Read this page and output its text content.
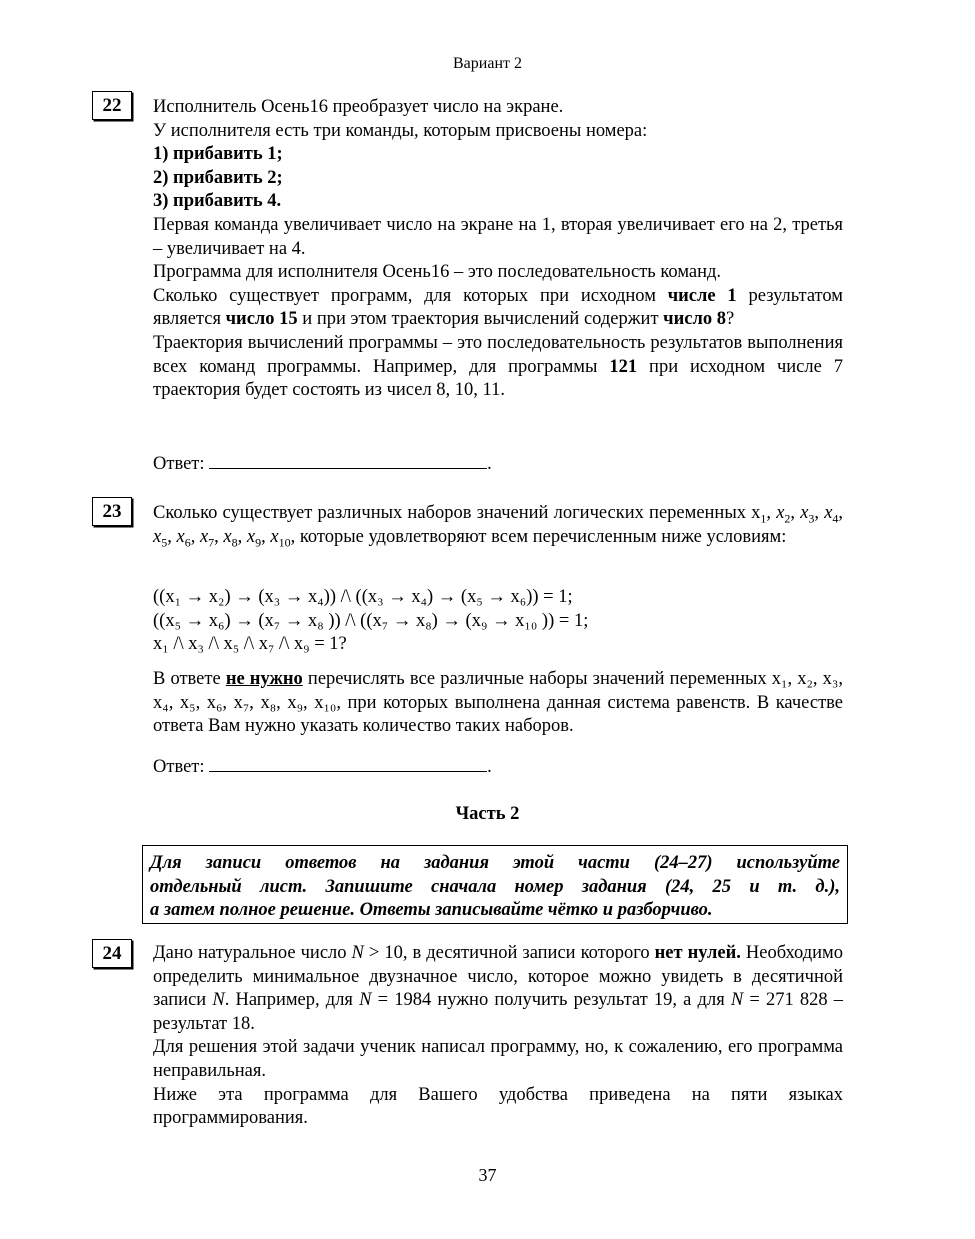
Вариант 2
22	Исполнитель Осень16 преобразует число на экране.

У исполнителя есть три команды, которым присвоены номера:

1) прибавить 1;

2) прибавить 2;

3) прибавить 4.

Первая команда увеличивает число на экране на 1, вторая увеличивает его на 2, третья – увеличивает на 4.

Программа для исполнителя Осень16 – это последовательность команд.

Сколько существует программ, для которых при исходном числе 1 результатом является число 15 и при этом траектория вычислений содержит число 8?

Траектория вычислений программы – это последовательность результатов выполнения всех команд программы. Например, для программы 121 при исходном числе 7 траектория будет состоять из чисел 8, 10, 11.

Ответ:	.
23	Сколько существует различных наборов значений логических переменных $x_1$, $x_2$, $x_3$, $x_4$, $x_5$, $x_6$, $x_7$, $x_8$, $x_9$, $x_{10}$, которые удовлетворяют всем перечисленным ниже условиям:

((x₁ → x₂) → (x₃ → x₄)) /\ ((x₃ → x₄) → (x₅ → x₆)) = 1;

((x₅ → x₆) → (x₇ → x₈ )) /\ ((x₇ → x₈) → (x₉ → x₁₀ )) = 1;

x₁ /\ x₃ /\ x₅ /\ x₇ /\ x₉ = 1?

В ответе не нужно перечислять все различные наборы значений переменных x₁, x₂, x₃, x₄, x₅, x₆, x₇, x₈, x₉, x₁₀, при которых выполнена данная система равенств. В качестве ответа Вам нужно указать количество таких наборов.

Ответ:	.
Часть 2
Для записи ответов на задания этой части (24–27) используйте
отдельный лист. Запишите сначала номер задания (24, 25 и т. д.),
а затем полное решение. Ответы записывайте чётко и разборчиво.
24	Дано натуральное число N > 10, в десятичной записи которого нет нулей. Необходимо определить минимальное двузначное число, которое можно увидеть в десятичной записи N. Например, для N = 1984 нужно получить результат 19, а для N = 271 828 – результат 18.

Для решения этой задачи ученик написал программу, но, к сожалению, его программа неправильная.

Ниже эта программа для Вашего удобства приведена на пяти языках программирования.

37
